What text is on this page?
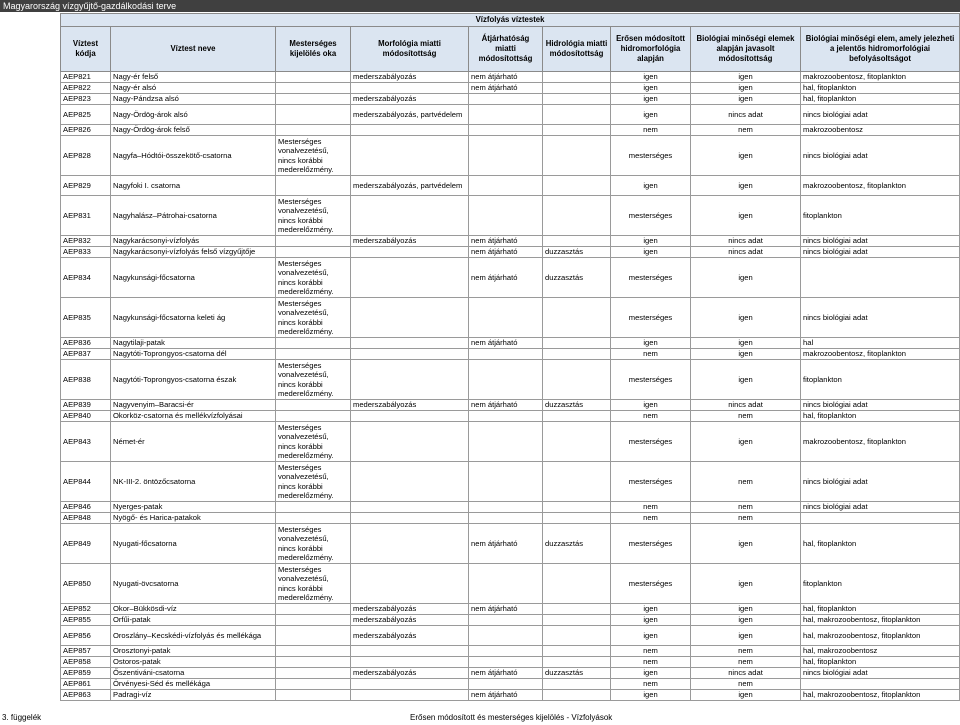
Magyarország vízgyűjtő-gazdálkodási terve
Vízfolyás víztestek								
Víztest kódja	Víztest neve	Mesterséges kijelölés oka	Morfológia miatti módosítottság	Átjárhatóság miatti módosítottság	Hidrológia miatti módosítottság	Erősen módosított hidromorfológia alapján	Biológiai minőségi elemek alapján javasolt módosítottság	Biológiai minőségi elem, amely jelezheti a jelentős hidromorfológiai befolyásoltságot
AEP821	Nagy-ér felső		mederszabályozás	nem átjárható		igen	igen	makrozoobentosz, fitoplankton
AEP822	Nagy-ér alsó			nem átjárható		igen	igen	hal, fitoplankton
AEP823	Nagy-Pándzsa alsó		mederszabályozás			igen	igen	hal, fitoplankton
AEP825	Nagy-Ördög-árok alsó		mederszabályozás, partvédelem			igen	nincs adat	nincs biológiai adat
AEP826	Nagy-Ördög-árok felső					nem	nem	makrozoobentosz
AEP828	Nagyfa–Hódtói-összekötő-csatorna	Mesterséges vonalvezetésű, nincs korábbi mederelőzmény.				mesterséges	igen	nincs biológiai adat
AEP829	Nagyfoki I. csatorna		mederszabályozás, partvédelem			igen	igen	makrozoobentosz, fitoplankton
AEP831	Nagyhalász–Pátrohai-csatorna	Mesterséges vonalvezetésű, nincs korábbi mederelőzmény.				mesterséges	igen	fitoplankton
AEP832	Nagykarácsonyi-vízfolyás		mederszabályozás	nem átjárható		igen	nincs adat	nincs biológiai adat
AEP833	Nagykarácsonyi-vízfolyás felső vízgyűjtője			nem átjárható	duzzasztás	igen	nincs adat	nincs biológiai adat
AEP834	Nagykunsági-főcsatorna	Mesterséges vonalvezetésű, nincs korábbi mederelőzmény.		nem átjárható	duzzasztás	mesterséges	igen	
AEP835	Nagykunsági-főcsatorna keleti ág	Mesterséges vonalvezetésű, nincs korábbi mederelőzmény.				mesterséges	igen	nincs biológiai adat
AEP836	Nagytilaji-patak			nem átjárható		igen	igen	hal
AEP837	Nagytóti-Toprongyos-csatorna dél					nem	igen	makrozoobentosz, fitoplankton
AEP838	Nagytóti-Toprongyos-csatorna észak	Mesterséges vonalvezetésű, nincs korábbi mederelőzmény.				mesterséges	igen	fitoplankton
AEP839	Nagyvenyim–Baracsi-ér		mederszabályozás	nem átjárható	duzzasztás	igen	nincs adat	nincs biológiai adat
AEP840	Okorköz-csatorna és mellékvízfolyásai					nem	nem	hal, fitoplankton
AEP843	Német-ér	Mesterséges vonalvezetésű, nincs korábbi mederelőzmény.				mesterséges	igen	makrozoobentosz, fitoplankton
AEP844	NK-III-2. öntözőcsatorna	Mesterséges vonalvezetésű, nincs korábbi mederelőzmény.				mesterséges	nem	nincs biológiai adat
AEP846	Nyerges-patak					nem	nem	nincs biológiai adat
AEP848	Nyögő- és Harica-patakok					nem	nem	
AEP849	Nyugati-főcsatorna	Mesterséges vonalvezetésű, nincs korábbi mederelőzmény.		nem átjárható	duzzasztás	mesterséges	igen	hal, fitoplankton
AEP850	Nyugati-övcsatorna	Mesterséges vonalvezetésű, nincs korábbi mederelőzmény.				mesterséges	igen	fitoplankton
AEP852	Okor–Bükkösdi-víz		mederszabályozás	nem átjárható		igen	igen	hal, fitoplankton
AEP855	Orfűi-patak		mederszabályozás			igen	igen	hal, makrozoobentosz, fitoplankton
AEP856	Oroszlány–Kecskédi-vízfolyás és mellékága		mederszabályozás			igen	igen	hal, makrozoobentosz, fitoplankton
AEP857	Orosztonyi-patak					nem	nem	hal, makrozoobentosz
AEP858	Ostoros-patak					nem	nem	hal, fitoplankton
AEP859	Őszentiváni-csatorna		mederszabályozás	nem átjárható	duzzasztás	igen	nincs adat	nincs biológiai adat
AEP861	Örvényesi-Séd és mellékága					nem	nem	
AEP863	Padragi-víz			nem átjárható		igen	igen	hal, makrozoobentosz, fitoplankton
3. függelék	Erősen módosított és mesterséges kijelölés - Vízfolyások
